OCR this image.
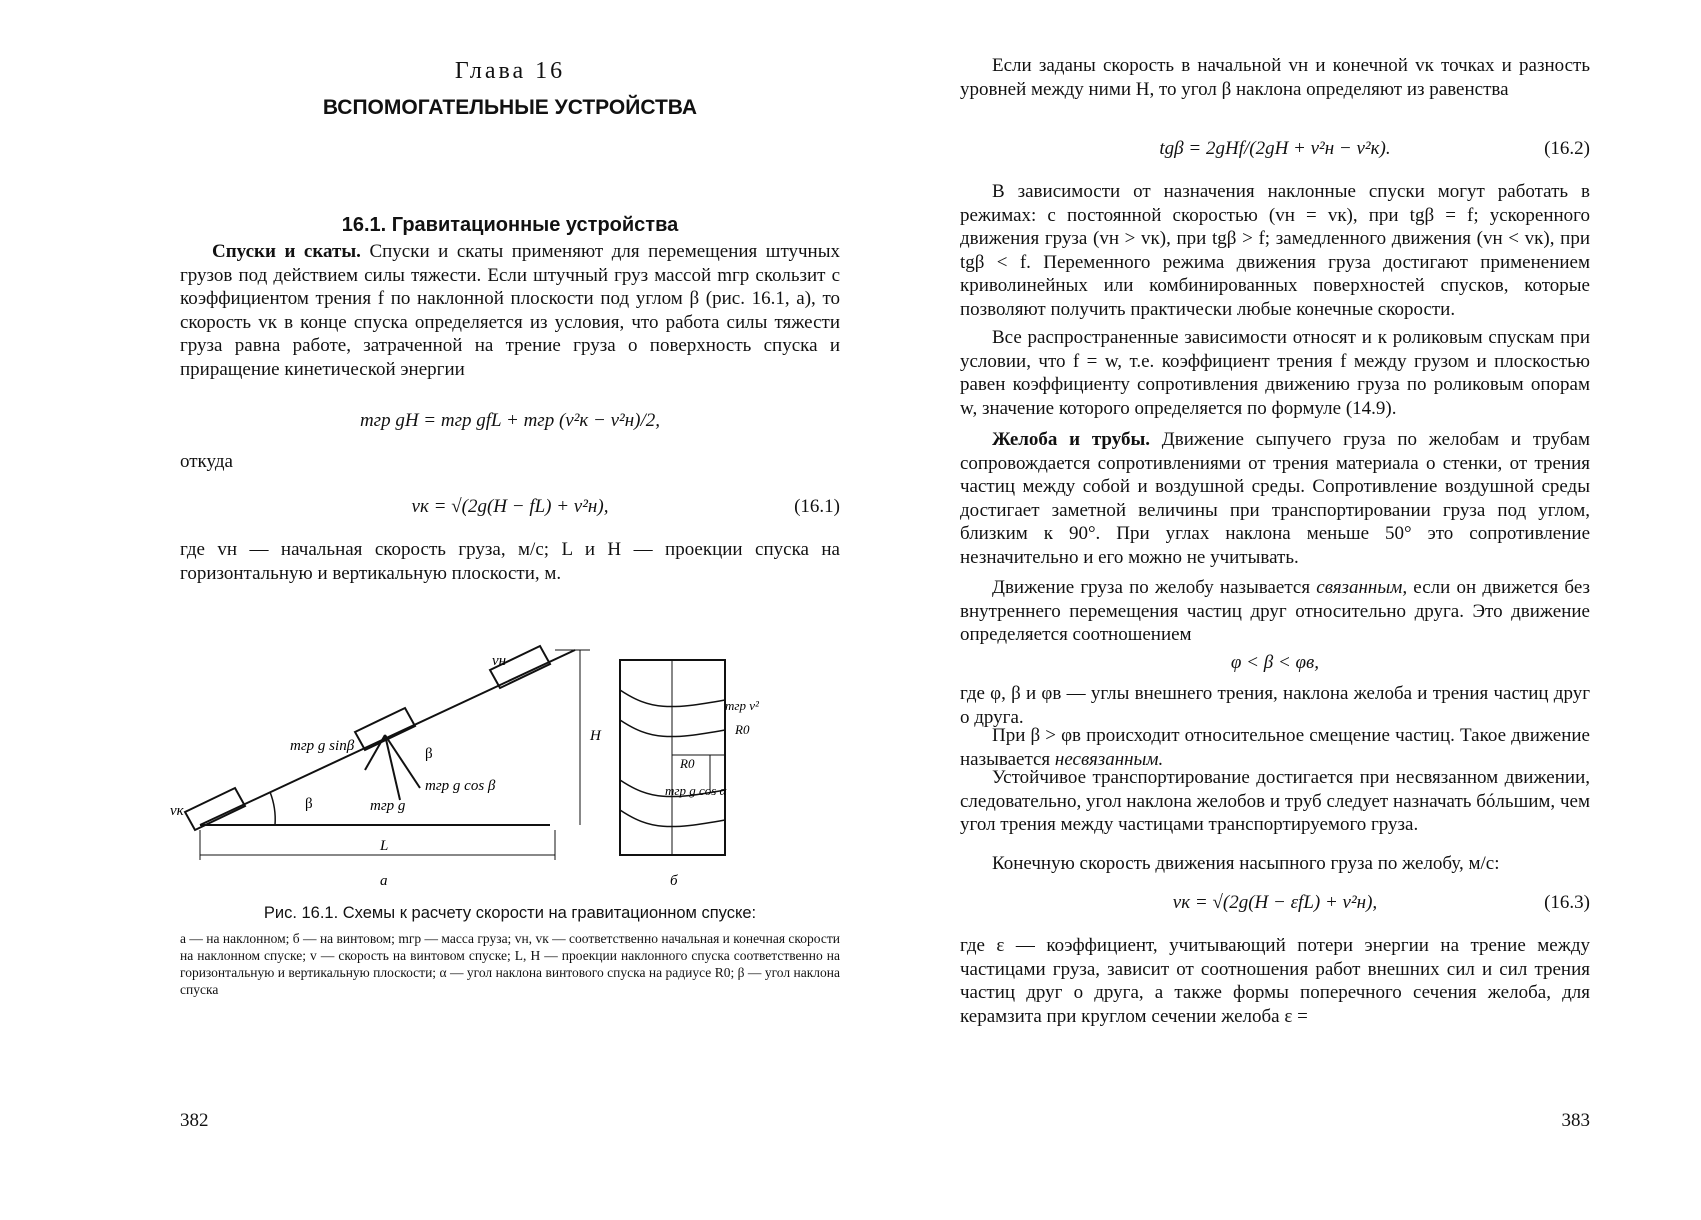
Глава 16
ВСПОМОГАТЕЛЬНЫЕ УСТРОЙСТВА
16.1. Гравитационные устройства

Спуски и скаты. Спуски и скаты применяют для перемещения штучных грузов под действием силы тяжести. Если штучный груз массой mгр скользит с коэффициентом трения f по наклонной плоскости под углом β (рис. 16.1, а), то скорость vк в конце спуска определяется из условия, что работа силы тяжести груза равна работе, затраченной на трение груза о поверхность спуска и приращение кинетической энергии

mгр gH = mгр gfL + mгр (v²к − v²н)/2,
откуда
vк = √(2g(H − fL) + v²н),	(16.1)

где vн — начальная скорость груза, м/с; L и H — проекции спуска на горизонтальную и вертикальную плоскости, м.

vн
vк
mгр g sinβ	β
β	mгр g
mгр g cos β
H
L
а	б
mгр v²
R0
R0
mгр g cos α
Рис. 16.1. Схемы к расчету скорости на гравитационном спуске:

а — на наклонном; б — на винтовом; mгр — масса груза; vн, vк — соответственно начальная и конечная скорости на наклонном спуске; v — скорость на винтовом спуске; L, H — проекции наклонного спуска соответственно на горизонтальную и вертикальную плоскости; α — угол наклона винтового спуска на радиусе R0; β — угол наклона спуска

382

Если заданы скорость в начальной vн и конечной vк точках и разность уровней между ними H, то угол β наклона определяют из равенства

tgβ = 2gHf/(2gH + v²н − v²к).	(16.2)

В зависимости от назначения наклонные спуски могут работать в режимах: с постоянной скоростью (vн = vк), при tgβ = f; ускоренного движения груза (vн > vк), при tgβ > f; замедленного движения (vн < vк), при tgβ < f. Переменного режима движения груза достигают применением криволинейных или комбинированных поверхностей спусков, которые позволяют получить практически любые конечные скорости.

Все распространенные зависимости относят и к роликовым спускам при условии, что f = w, т.е. коэффициент трения f между грузом и плоскостью равен коэффициенту сопротивления движению груза по роликовым опорам w, значение которого определяется по формуле (14.9).

Желоба и трубы. Движение сыпучего груза по желобам и трубам сопровождается сопротивлениями от трения материала о стенки, от трения частиц между собой и воздушной среды. Сопротивление воздушной среды достигает заметной величины при транспортировании груза под углом, близким к 90°. При углах наклона меньше 50° это сопротивление незначительно и его можно не учитывать.

Движение груза по желобу называется связанным, если он движется без внутреннего перемещения частиц друг относительно друга. Это движение определяется соотношением

φ < β < φв,

где φ, β и φв — углы внешнего трения, наклона желоба и трения частиц друг о друга.

При β > φв происходит относительное смещение частиц. Такое движение называется несвязанным.

Устойчивое транспортирование достигается при несвязанном движении, следовательно, угол наклона желобов и труб следует назначать бóльшим, чем угол трения между частицами транспортируемого груза.

Конечную скорость движения насыпного груза по желобу, м/с:

vк = √(2g(H − εfL) + v²н),	(16.3)

где ε — коэффициент, учитывающий потери энергии на трение между частицами груза, зависит от соотношения работ внешних сил и сил трения частиц друг о друга, а также формы поперечного сечения желоба, для керамзита при круглом сечении желоба ε =

383
